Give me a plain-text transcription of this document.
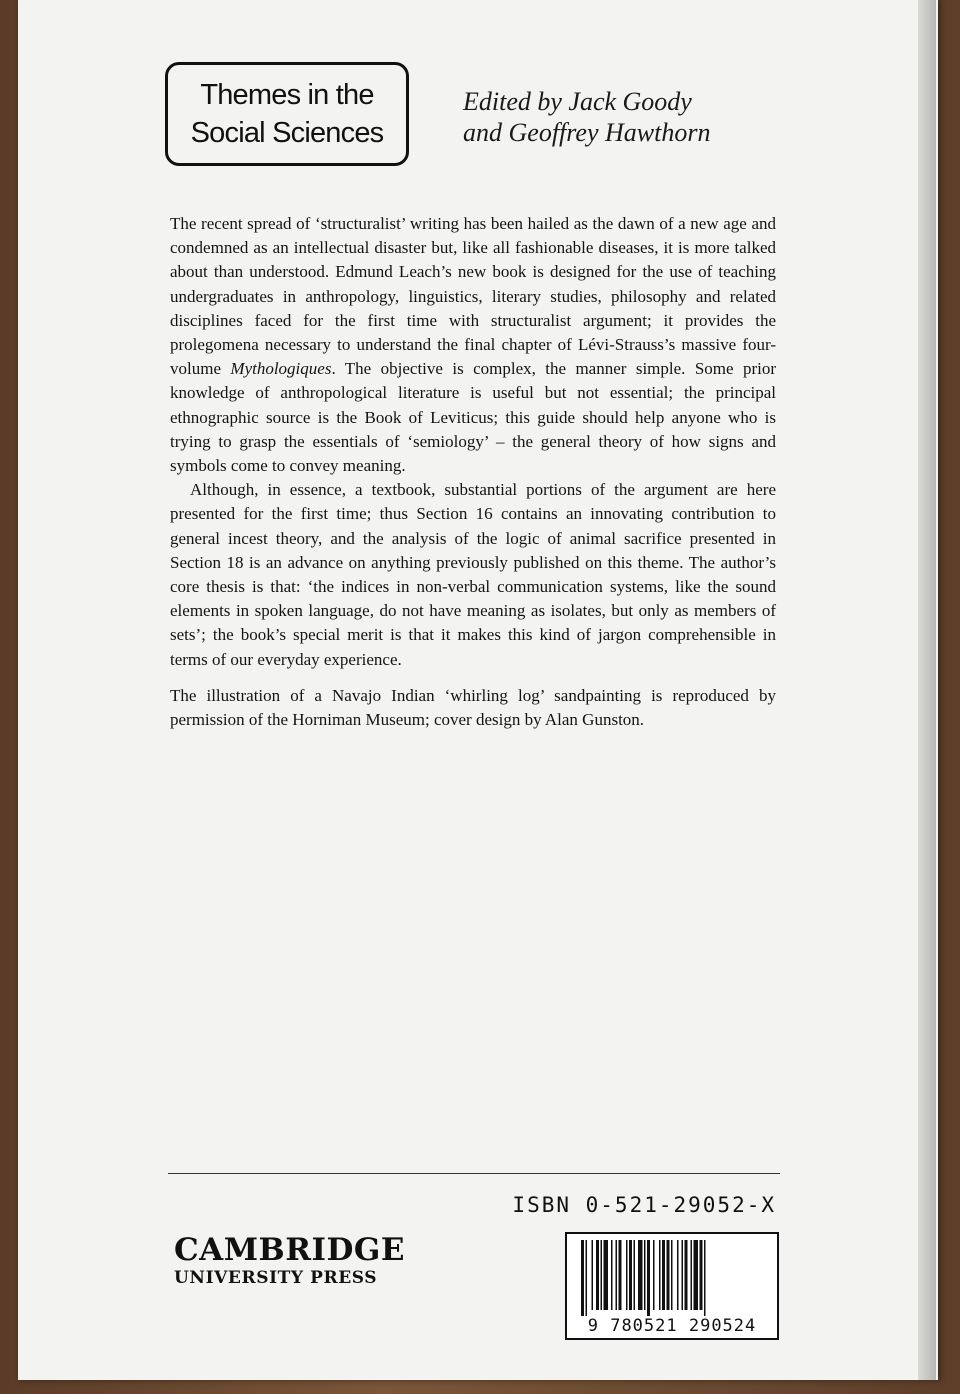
Themes in the
Social Sciences
Edited by Jack Goody
and Geoffrey Hawthorn

The recent spread of ‘structuralist’ writing has been hailed as the dawn of a new age and condemned as an intellectual disaster but, like all fashionable diseases, it is more talked about than understood. Edmund Leach’s new book is designed for the use of teaching undergraduates in anthropology, linguistics, literary studies, philosophy and related disciplines faced for the first time with structuralist argument; it provides the prolegomena necessary to understand the final chapter of Lévi-Strauss’s massive four-volume Mythologiques. The objective is complex, the manner simple. Some prior knowledge of anthropological literature is useful but not essential; the principal ethnographic source is the Book of Leviticus; this guide should help anyone who is trying to grasp the essentials of ‘semiology’ – the general theory of how signs and symbols come to convey meaning.

Although, in essence, a textbook, substantial portions of the argument are here presented for the first time; thus Section 16 contains an innovating contribution to general incest theory, and the analysis of the logic of animal sacrifice presented in Section 18 is an advance on anything previously published on this theme. The author’s core thesis is that: ‘the indices in non-verbal communication systems, like the sound elements in spoken language, do not have meaning as isolates, but only as members of sets’; the book’s special merit is that it makes this kind of jargon comprehensible in terms of our everyday experience.

The illustration of a Navajo Indian ‘whirling log’ sandpainting is reproduced by permission of the Horniman Museum; cover design by Alan Gunston.

ISBN 0-521-29052-X
CAMBRIDGE
UNIVERSITY PRESS
9 780521 290524
